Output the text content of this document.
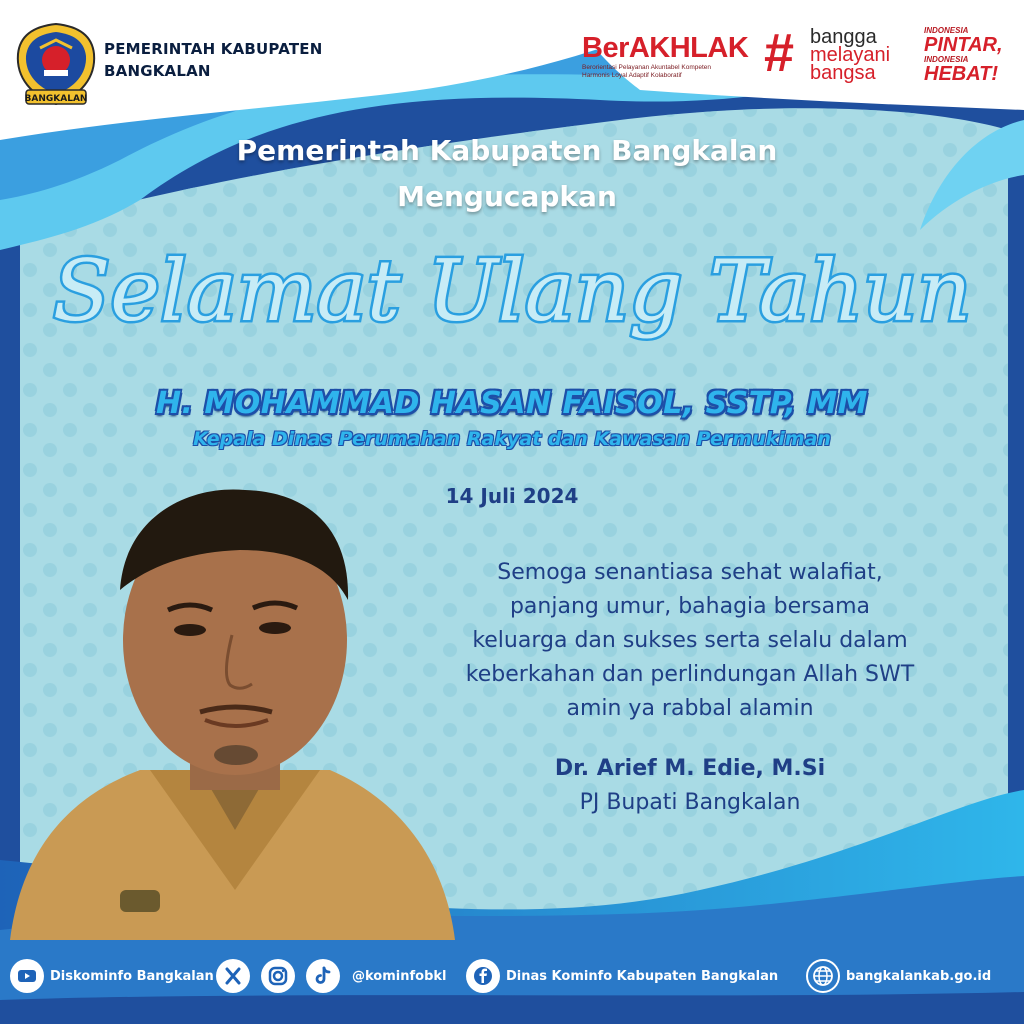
BANGKALAN
PEMERINTAH KABUPATEN
BANGKALAN
BerAKHLAK
Berorientasi Pelayanan Akuntabel Kompeten
Harmonis Loyal Adaptif Kolaboratif	# bangga
melayani
bangsa
INDONESIA
PINTAR,
INDONESIA
HEBAT!
Pemerintah Kabupaten Bangkalan
Mengucapkan
Selamat Ulang Tahun
H. MOHAMMAD HASAN FAISOL, SSTP, MM
Kepala Dinas Perumahan Rakyat dan Kawasan Permukiman
14 Juli 2024
Semoga senantiasa sehat walafiat,
panjang umur, bahagia bersama
keluarga dan sukses serta selalu dalam
keberkahan dan perlindungan Allah SWT
amin ya rabbal alamin
Dr. Arief M. Edie, M.Si
PJ Bupati Bangkalan
Diskominfo Bangkalan	@kominfobkl	Dinas Kominfo Kabupaten Bangkalan	bangkalankab.go.id
